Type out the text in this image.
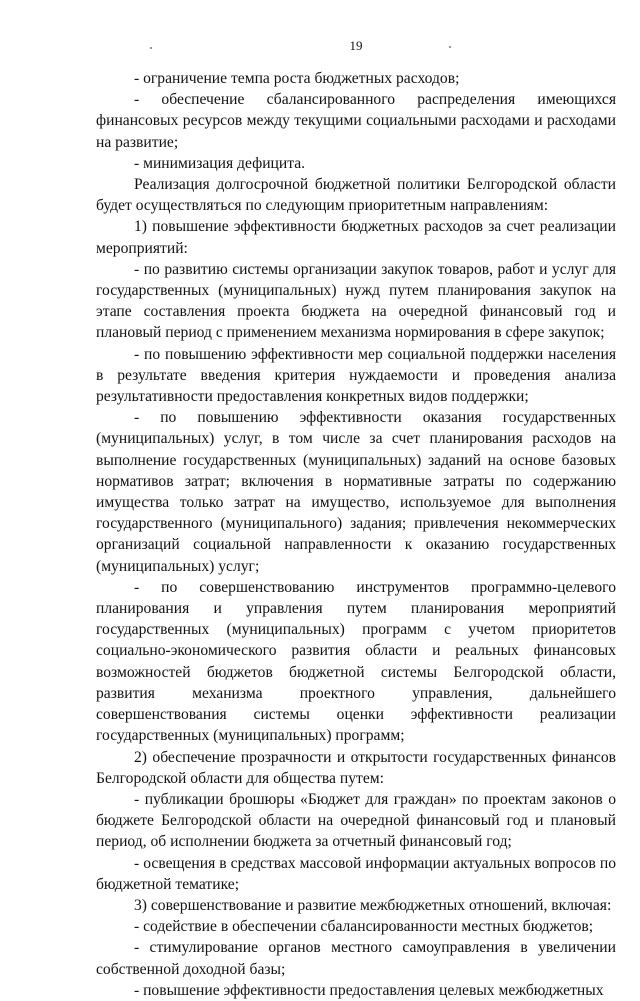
19

- ограничение темпа роста бюджетных расходов;

- обеспечение сбалансированного распределения имеющихся финансовых ресурсов между текущими социальными расходами и расходами на развитие;

- минимизация дефицита.

Реализация долгосрочной бюджетной политики Белгородской области будет осуществляться по следующим приоритетным направлениям:

1) повышение эффективности бюджетных расходов за счет реализации мероприятий:

- по развитию системы организации закупок товаров, работ и услуг для государственных (муниципальных) нужд путем планирования закупок на этапе составления проекта бюджета на очередной финансовый год и плановый период с применением механизма нормирования в сфере закупок;

- по повышению эффективности мер социальной поддержки населения в результате введения критерия нуждаемости и проведения анализа результативности предоставления конкретных видов поддержки;

- по повышению эффективности оказания государственных (муниципальных) услуг, в том числе за счет планирования расходов на выполнение государственных (муниципальных) заданий на основе базовых нормативов затрат; включения в нормативные затраты по содержанию имущества только затрат на имущество, используемое для выполнения государственного (муниципального) задания; привлечения некоммерческих организаций социальной направленности к оказанию государственных (муниципальных) услуг;

- по совершенствованию инструментов программно-целевого планирования и управления путем планирования мероприятий государственных (муниципальных) программ с учетом приоритетов социально-экономического развития области и реальных финансовых возможностей бюджетов бюджетной системы Белгородской области, развития механизма проектного управления, дальнейшего совершенствования системы оценки эффективности реализации государственных (муниципальных) программ;

2) обеспечение прозрачности и открытости государственных финансов Белгородской области для общества путем:

- публикации брошюры «Бюджет для граждан» по проектам законов о бюджете Белгородской области на очередной финансовый год и плановый период, об исполнении бюджета за отчетный финансовый год;

- освещения в средствах массовой информации актуальных вопросов по бюджетной тематике;

3) совершенствование и развитие межбюджетных отношений, включая:

- содействие в обеспечении сбалансированности местных бюджетов;

- стимулирование органов местного самоуправления в увеличении собственной доходной базы;

- повышение эффективности предоставления целевых межбюджетных
